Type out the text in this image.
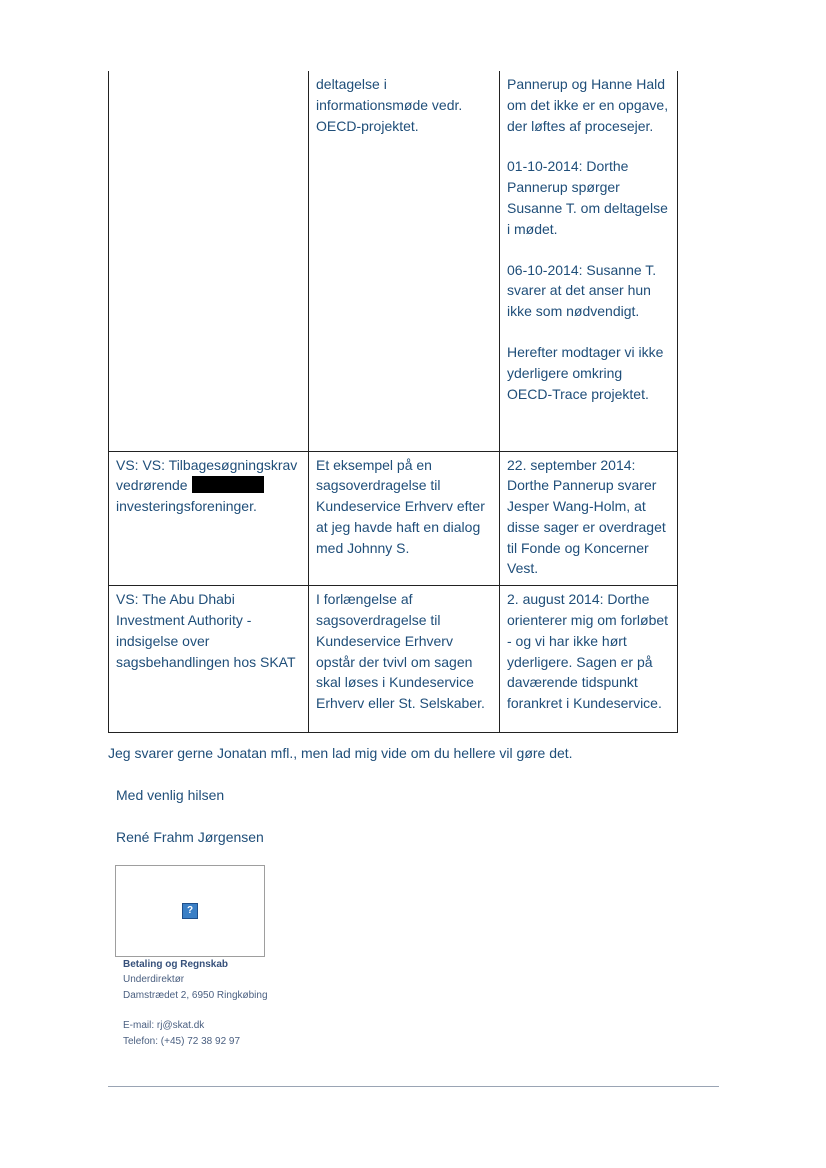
	deltagelse i informationsmøde vedr. OECD-projektet.	Pannerup og Hanne Hald om det ikke er en opgave, der løftes af procesejer.
01-10-2014: Dorthe Pannerup spørger Susanne T. om deltagelse i mødet.
06-10-2014: Susanne T. svarer at det anser hun ikke som nødvendigt.
Herefter modtager vi ikke yderligere omkring OECD-Trace projektet.

VS: VS: Tilbagesøgningskrav vedrørende
investeringsforeninger.	Et eksempel på en sagsoverdragelse til Kundeservice Erhverv efter at jeg havde haft en dialog med Johnny S.	22. september 2014: Dorthe Pannerup svarer Jesper Wang-Holm, at disse sager er overdraget til Fonde og Koncerner Vest.

VS: The Abu Dhabi Investment Authority - indsigelse over sagsbehandlingen hos SKAT	I forlængelse af sagsoverdragelse til Kundeservice Erhverv opstår der tvivl om sagen skal løses i Kundeservice Erhverv eller St. Selskaber.	2. august 2014: Dorthe orienterer mig om forløbet - og vi har ikke hørt yderligere. Sagen er på daværende tidspunkt forankret i Kundeservice.
Jeg svarer gerne Jonatan mfl., men lad mig vide om du hellere vil gøre det.
Med venlig hilsen
René Frahm Jørgensen
?
Betaling og Regnskab
Underdirektør
Damstrædet 2, 6950 Ringkøbing
E-mail: rj@skat.dk
Telefon: (+45) 72 38 92 97
